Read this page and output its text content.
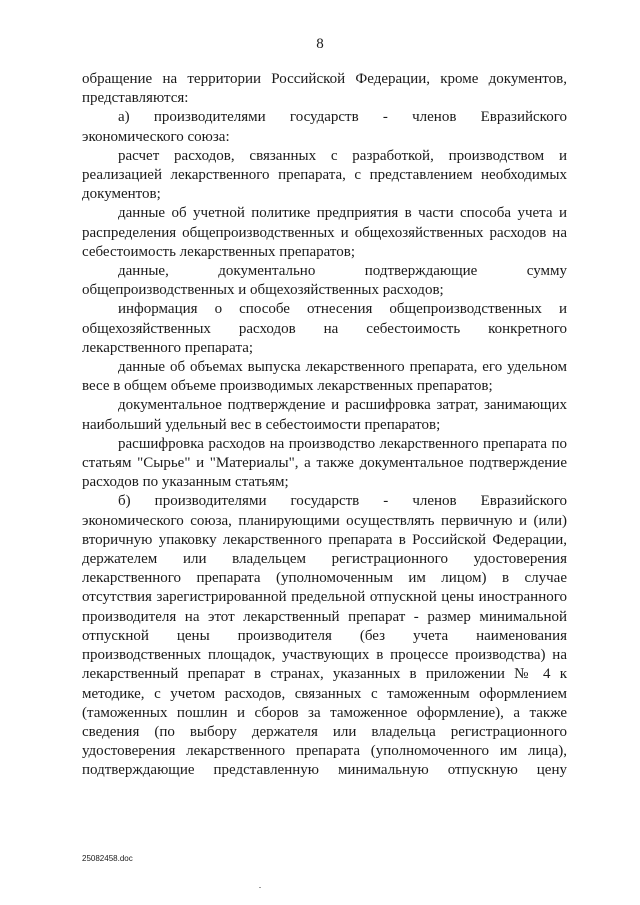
8

обращение на территории Российской Федерации, кроме документов, представляются:

а) производителями государств - членов Евразийского экономического союза:

расчет расходов, связанных с разработкой, производством и реализацией лекарственного препарата, с представлением необходимых документов;

данные об учетной политике предприятия в части способа учета и распределения общепроизводственных и общехозяйственных расходов на себестоимость лекарственных препаратов;

данные, документально подтверждающие сумму общепроизводственных и общехозяйственных расходов;

информация о способе отнесения общепроизводственных и общехозяйственных расходов на себестоимость конкретного лекарственного препарата;

данные об объемах выпуска лекарственного препарата, его удельном весе в общем объеме производимых лекарственных препаратов;

документальное подтверждение и расшифровка затрат, занимающих наибольший удельный вес в себестоимости препаратов;

расшифровка расходов на производство лекарственного препарата по статьям "Сырье" и "Материалы", а также документальное подтверждение расходов по указанным статьям;

б) производителями государств - членов Евразийского экономического союза, планирующими осуществлять первичную и (или) вторичную упаковку лекарственного препарата в Российской Федерации, держателем или владельцем регистрационного удостоверения лекарственного препарата (уполномоченным им лицом) в случае отсутствия зарегистрированной предельной отпускной цены иностранного производителя на этот лекарственный препарат - размер минимальной отпускной цены производителя (без учета наименования производственных площадок, участвующих в процессе производства) на лекарственный препарат в странах, указанных в приложении № 4 к методике, с учетом расходов, связанных с таможенным оформлением (таможенных пошлин и сборов за таможенное оформление), а также сведения (по выбору держателя или владельца регистрационного удостоверения лекарственного препарата (уполномоченного им лица), подтверждающие представленную минимальную отпускную цену

25082458.doc
